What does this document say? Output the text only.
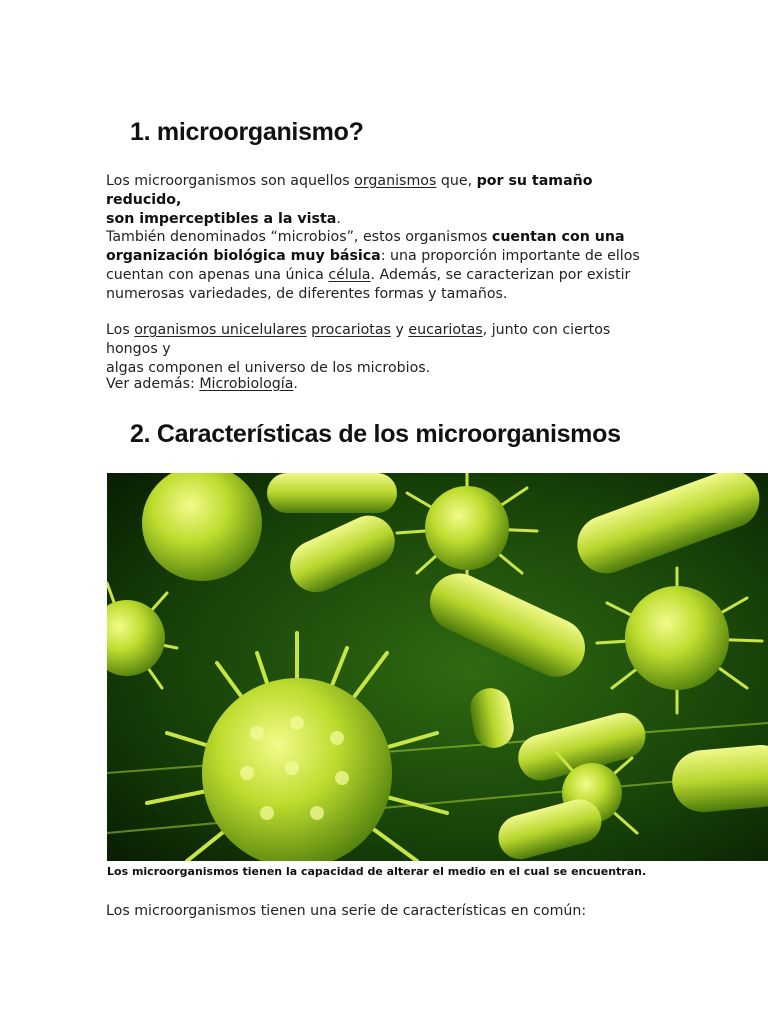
1. microorganismo?

Los microorganismos son aquellos organismos que, por su tamaño reducido,
son imperceptibles a la vista.

También denominados “microbios”, estos organismos cuentan con una
organización biológica muy básica: una proporción importante de ellos
cuentan con apenas una única célula. Además, se caracterizan por existir
numerosas variedades, de diferentes formas y tamaños.

Los organismos unicelulares procariotas y eucariotas, junto con ciertos hongos y
algas componen el universo de los microbios.

Ver además: Microbiología.

2. Características de los microorganismos

Los microorganismos tienen la capacidad de alterar el medio en el cual se encuentran.

Los microorganismos tienen una serie de características en común:
